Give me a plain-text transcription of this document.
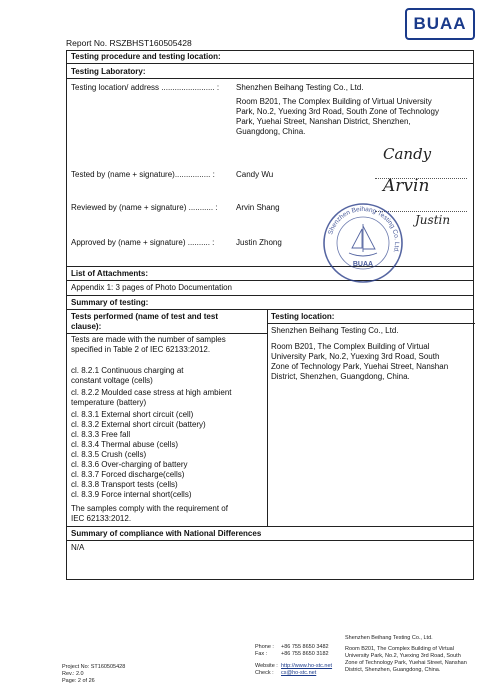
BUAA
Report No. RSZBHST160505428
Testing procedure and testing location:
Testing Laboratory:
Testing location/ address ........................ : Shenzhen Beihang Testing Co., Ltd.
Room B201, The Complex Building of Virtual University
Park, No.2, Yuexing 3rd Road, South Zone of Technology
Park, Yuehai Street, Nanshan District, Shenzhen,
Guangdong, China.
Tested by (name + signature)................ :	Candy Wu
Candy
Reviewed by (name + signature) ........... : Arvin Shang
Arvin
Approved by (name + signature) .......... :	Justin Zhong
Justin
List of Attachments:
Appendix 1: 3 pages of Photo Documentation
Summary of testing:
Tests performed (name of test and test
clause):
Tests are made with the number of samples
specified in Table 2 of IEC 62133:2012.
cl. 8.2.1 Continuous charging at
constant voltage (cells)
cl. 8.2.2 Moulded case stress at high ambient
temperature (battery)
cl. 8.3.1 External short circuit (cell)
cl. 8.3.2 External short circuit (battery)
cl. 8.3.3 Free fall
cl. 8.3.4 Thermal abuse (cells)
cl. 8.3.5 Crush (cells)
cl. 8.3.6 Over-charging of battery
cl. 8.3.7 Forced discharge(cells)
cl. 8.3.8 Transport tests (cells)
cl. 8.3.9 Force internal short(cells)
The samples comply with the requirement of
IEC 62133:2012.
Testing location:
Shenzhen Beihang Testing Co., Ltd.
Room B201, The Complex Building of Virtual
University Park, No.2, Yuexing 3rd Road, South
Zone of Technology Park, Yuehai Street, Nanshan
District, Shenzhen, Guangdong, China.
Summary of compliance with National Differences
N/A
Shenzhen Beihang Testing Co. Ltd.
BUAA
Project No: ST160505428
Rev.: 2.0
Page: 2 of 26
Phone : +86 755 8650 3482
Fax :	+86 755 8650 3182
Website : http://www.ho-stc.net
Check : cs@ho-stc.net
Shenzhen Beihang Testing Co., Ltd.
Room B201, The Complex Building of Virtual
University Park, No.2, Yuexing 3rd Road, South
Zone of Technology Park, Yuehai Street, Nanshan
District, Shenzhen, Guangdong, China.
